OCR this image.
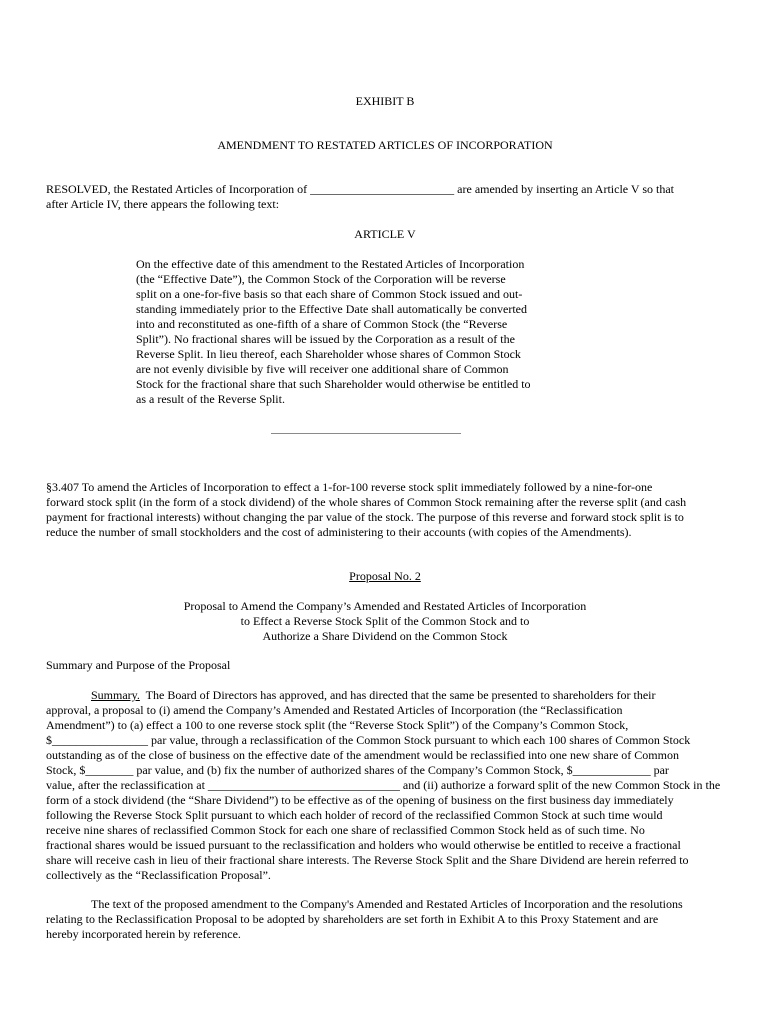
EXHIBIT B
AMENDMENT TO RESTATED ARTICLES OF INCORPORATION
RESOLVED, the Restated Articles of Incorporation of ________________________ are amended by inserting an Article V so that
after Article IV, there appears the following text:
ARTICLE V
On the effective date of this amendment to the Restated Articles of Incorporation
(the “Effective Date”), the Common Stock of the Corporation will be reverse
split on a one-for-five basis so that each share of Common Stock issued and out-
standing immediately prior to the Effective Date shall automatically be converted
into and reconstituted as one-fifth of a share of Common Stock (the “Reverse
Split”). No fractional shares will be issued by the Corporation as a result of the
Reverse Split. In lieu thereof, each Shareholder whose shares of Common Stock
are not evenly divisible by five will receiver one additional share of Common
Stock for the fractional share that such Shareholder would otherwise be entitled to
as a result of the Reverse Split.
§3.407 To amend the Articles of Incorporation to effect a 1-for-100 reverse stock split immediately followed by a nine-for-one
forward stock split (in the form of a stock dividend) of the whole shares of Common Stock remaining after the reverse split (and cash
payment for fractional interests) without changing the par value of the stock. The purpose of this reverse and forward stock split is to
reduce the number of small stockholders and the cost of administering to their accounts (with copies of the Amendments).
Proposal No. 2
Proposal to Amend the Company’s Amended and Restated Articles of Incorporation
to Effect a Reverse Stock Split of the Common Stock and to
Authorize a Share Dividend on the Common Stock
Summary and Purpose of the Proposal
Summary.  The Board of Directors has approved, and has directed that the same be presented to shareholders for their
approval, a proposal to (i) amend the Company’s Amended and Restated Articles of Incorporation (the “Reclassification
Amendment”) to (a) effect a 100 to one reverse stock split (the “Reverse Stock Split”) of the Company’s Common Stock,
$________________ par value, through a reclassification of the Common Stock pursuant to which each 100 shares of Common Stock
outstanding as of the close of business on the effective date of the amendment would be reclassified into one new share of Common
Stock, $________ par value, and (b) fix the number of authorized shares of the Company’s Common Stock, $_____________ par
value, after the reclassification at ________________________________ and (ii) authorize a forward split of the new Common Stock in the
form of a stock dividend (the “Share Dividend”) to be effective as of the opening of business on the first business day immediately
following the Reverse Stock Split pursuant to which each holder of record of the reclassified Common Stock at such time would
receive nine shares of reclassified Common Stock for each one share of reclassified Common Stock held as of such time. No
fractional shares would be issued pursuant to the reclassification and holders who would otherwise be entitled to receive a fractional
share will receive cash in lieu of their fractional share interests. The Reverse Stock Split and the Share Dividend are herein referred to
collectively as the “Reclassification Proposal”.
The text of the proposed amendment to the Company's Amended and Restated Articles of Incorporation and the resolutions
relating to the Reclassification Proposal to be adopted by shareholders are set forth in Exhibit A to this Proxy Statement and are
hereby incorporated herein by reference.
